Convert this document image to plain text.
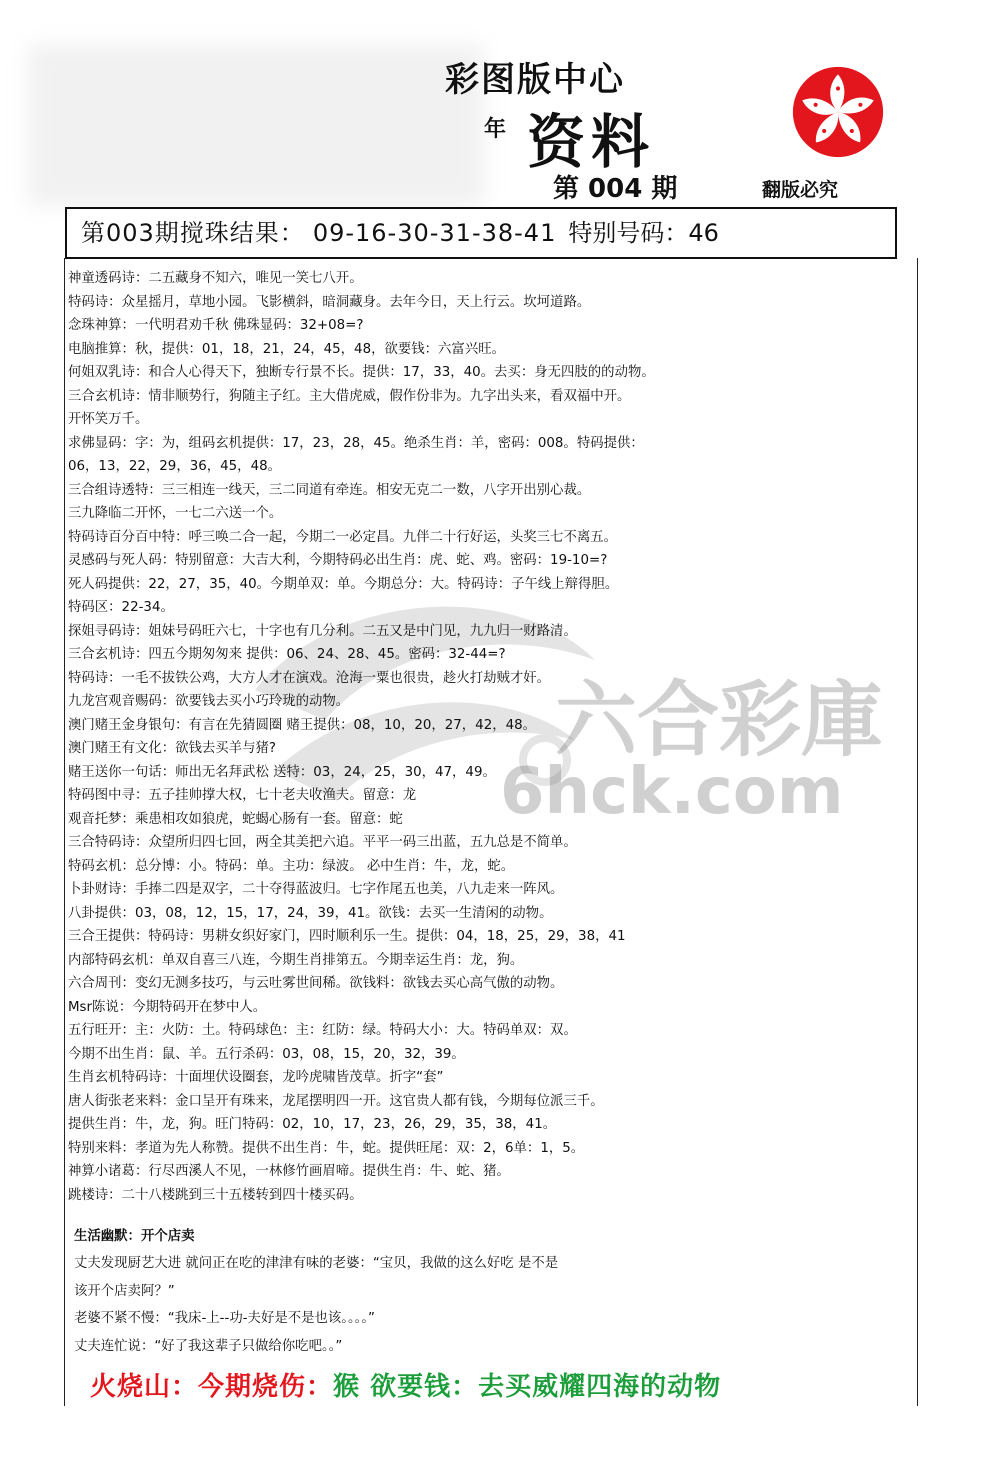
彩图版中心
年 资料
第 004 期	翻版必究
第003期搅珠结果： 09-16-30-31-38-41 特别号码：46
六合彩庫
6hck.com
神童透码诗：二五藏身不知六，唯见一笑七八开。
特码诗：众星摇月，草地小园。飞影横斜，暗洞藏身。去年今日，天上行云。坎坷道路。
念珠神算：一代明君劝千秋 佛珠显码：32+08=?
电脑推算：秋，提供：01，18，21，24，45，48，欲要钱：六富兴旺。
何姐双乳诗：和合人心得天下，独断专行景不长。提供：17，33，40。去买：身无四肢的的动物。
三合玄机诗：情非顺势行，狗随主子红。主大借虎威，假作份非为。九字出头来，看双福中开。
开怀笑万千。
求佛显码：字：为，组码玄机提供：17，23，28，45。绝杀生肖：羊，密码：008。特码提供：
06，13，22，29，36，45，48。
三合组诗透特：三三相连一线天，三二同道有牵连。相安无克二一数，八字开出别心裁。
三九降临二开怀，一七二六送一个。
特码诗百分百中特：呼三唤二合一起，今期二一必定昌。九伴二十行好运，头奖三七不离五。
灵感码与死人码：特别留意：大吉大利，今期特码必出生肖：虎、蛇、鸡。密码：19-10=?
死人码提供：22，27，35，40。今期单双：单。今期总分：大。特码诗：子午线上辩得胆。
特码区：22-34。
探姐寻码诗：姐妹号码旺六七，十字也有几分利。二五又是中门见，九九归一财路清。
三合玄机诗：四五今期匆匆来 提供：06、24、28、45。密码：32-44=?
特码诗：一毛不拔铁公鸡，大方人才在演戏。沧海一粟也很贵，趁火打劫贼才奸。
九龙宫观音赐码：欲要钱去买小巧玲珑的动物。
澳门赌王金身银句：有言在先猜圆圈 赌王提供：08，10，20，27，42，48。
澳门赌王有文化：欲钱去买羊与猪?
赌王送你一句话：师出无名拜武松 送特：03，24，25，30，47，49。
特码图中寻：五子挂帅撑大权，七十老夫收渔夫。留意：龙
观音托梦：乘患相攻如狼虎，蛇蝎心肠有一套。留意：蛇
三合特码诗：众望所归四七回，两全其美把六追。平平一码三出蓝，五九总是不简单。
特码玄机：总分博：小。特码：单。主功：绿波。 必中生肖：牛，龙，蛇。
卜卦财诗：手捧二四是双字，二十夺得蓝波归。七字作尾五也美，八九走来一阵风。
八卦提供：03，08，12，15，17，24，39，41。欲钱：去买一生清闲的动物。
三合王提供：特码诗：男耕女织好家门，四时顺利乐一生。提供：04，18，25，29，38，41
内部特码玄机：单双自喜三八连，今期生肖排第五。今期幸运生肖：龙，狗。
六合周刊：变幻无测多技巧，与云吐雾世间稀。欲钱料：欲钱去买心高气傲的动物。
Msr陈说：今期特码开在梦中人。
五行旺开：主：火防：土。特码球色：主：红防：绿。特码大小：大。特码单双：双。
今期不出生肖：鼠、羊。五行杀码：03，08，15，20，32，39。
生肖玄机特码诗：十面埋伏设圈套，龙吟虎啸皆茂草。折字“套”
唐人街张老来料：金口呈开有珠来，龙尾摆明四一开。这官贵人都有钱，今期每位派三千。
提供生肖：牛，龙，狗。旺门特码：02，10，17，23，26，29，35，38，41。
特别来料：孝道为先人称赞。提供不出生肖：牛，蛇。提供旺尾：双：2，6单：1，5。
神算小诸葛：行尽西溪人不见，一林修竹画眉啼。提供生肖：牛、蛇、猪。
跳楼诗：二十八楼跳到三十五楼转到四十楼买码。
生活幽默：开个店卖
丈夫发现厨艺大进 就问正在吃的津津有味的老婆：“宝贝，我做的这么好吃 是不是
该开个店卖阿？”
老婆不紧不慢：“我床-上--功-夫好是不是也该。。。。”
丈夫连忙说：“好了我这辈子只做给你吃吧。。”
火烧山：今期烧伤：猴 欲要钱：去买威耀四海的动物
